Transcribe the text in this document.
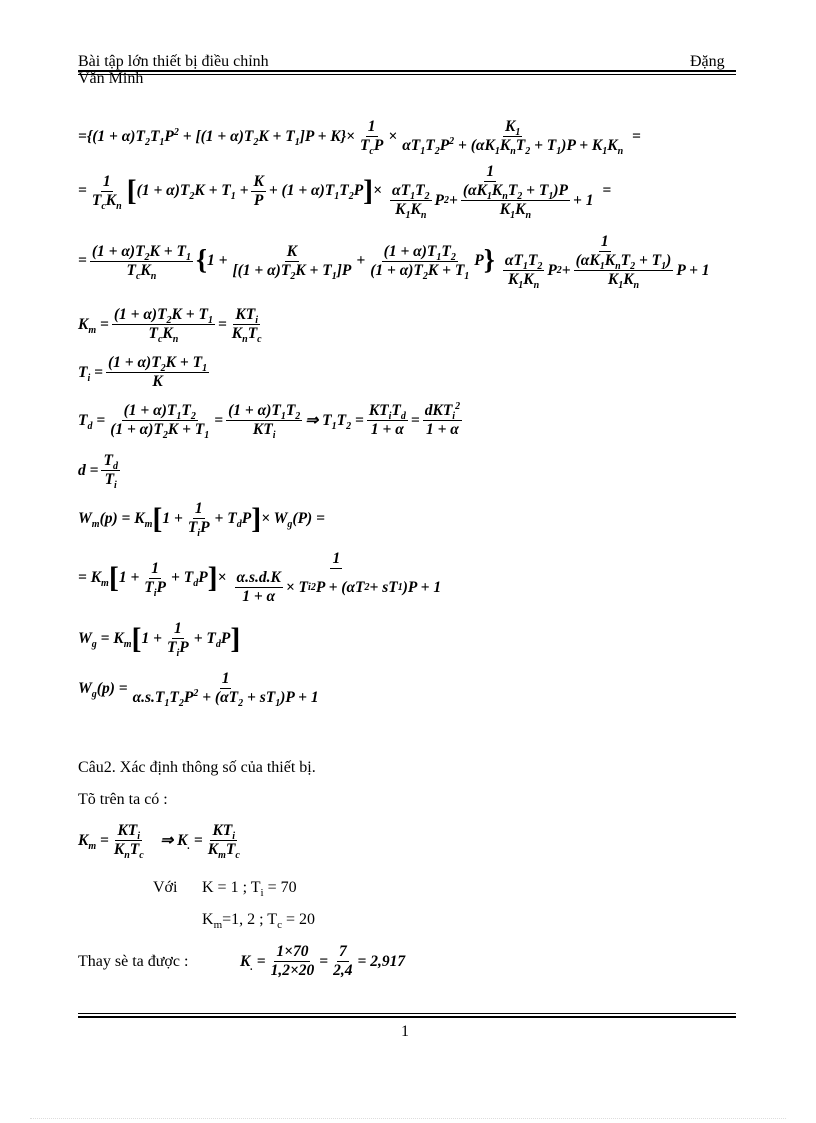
Bài tập lớn thiết bị điều chỉnh	Đặng
Văn Minh
= $\{(1 + \alpha)T_2T_1P^2 + [(1 + \alpha)T_2K + T_1]P + K\}\times \frac{1}{T_cP} \times \frac{K_1}{\alpha T_1T_2P^2 + (\alpha K_1K_nT_2 + T_1)P + K_1K_n}$ =
= $\frac{1}{T_cK_n}$ [ $(1 + \alpha)T_2K + T_1 + \frac{K}{P} + (1 + \alpha)T_1T_2P$ ] × $\frac{1}{\frac{\alpha T_1T_2}{K_1K_n} P 2 + \frac{(\alpha K_1K_nT_2 + T_1)P}{K_1K_n} + 1}$ =
= $\frac{(1 + \alpha)T_2K + T_1}{T_cK_n}$ { $1 + \frac{K}{[(1 + \alpha)T_2K + T_1]P} + \frac{(1 + \alpha)T_1T_2}{(1 + \alpha)T_2K + T_1}$ P } $\frac{1}{\frac{\alpha T_1T_2}{K_1K_n} P 2 + \frac{(\alpha K_1K_nT_2 + T_1)}{K_1K_n} P + 1}$
$K_m = \frac{(1 + \alpha)T_2K + T_1}{T_cK_n} = \frac{KT_i}{K_nT_c}$
$T_i = \frac{(1 + \alpha)T_2K + T_1}{K}$
$T_d = \frac{(1 + \alpha)T_1T_2}{(1 + \alpha)T_2K + T_1} = \frac{(1 + \alpha)T_1T_2}{KT_i}$ ⇒ $T_1T_2 = \frac{KT_iT_d}{1 + \alpha} = \frac{dKT_i^2}{1 + \alpha}$
$d = \frac{T_d}{T_i}$
$W_m(p) = K_m$ [ $1 + \frac{1}{T_iP} + T_dP$ ] × $W_g(P)$ =
= $K_m$ [ $1 + \frac{1}{T_iP} + T_dP$ ] × $\frac{1}{\frac{\alpha.s.d.K}{1 + \alpha} \times T i 2 P + (\alpha T 2 + sT 1 )P + 1}$
$W_g = K_m$ [ $1 + \frac{1}{T_iP} + T_dP$ ]
$W_g(p) = \frac{1}{\alpha.s.T_1T_2P^2 + (\alpha T_2 + sT_1)P + 1}$
Câu2. Xác định thông số của thiết bị.
Tõ trên ta có :
$K_m = \frac{KT_i}{K_nT_c}$ ⇒ $K_. = \frac{KT_i}{K_mT_c}$
Với K = 1 ; $T_i = 70$
$K_m=1$, 2 ; $T_c = 20$
Thay sè ta được :	$K_. = \frac{1\times 70}{1,2\times 20} = \frac{7}{2,4} = 2,917$
1
